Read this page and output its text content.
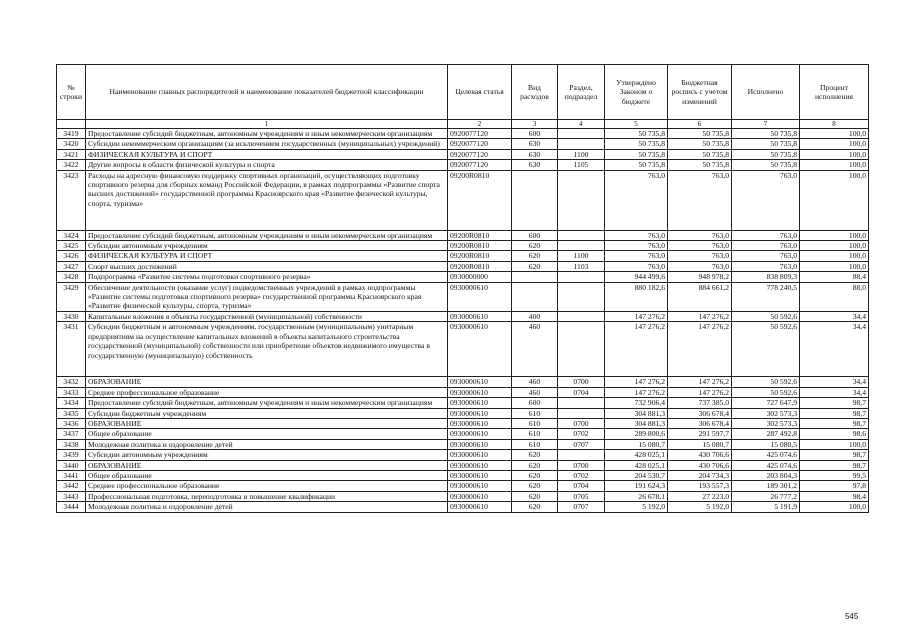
№ строки	Наименование главных распорядителей и наименование показателей бюджетной классификации	Целевая статья	Вид расходов	Раздел, подраздел	Утверждено Законом о бюджете	Бюджетная роспись с учетом изменений	Исполнено	Процент исполнения
	1	2	3	4	5	6	7	8
3419	Предоставление субсидий бюджетным, автономным учреждениям и иным некоммерческим организациям	0920077120	600		50 735,8	50 735,8	50 735,8	100,0
3420	Субсидии некоммерческим организациям (за исключением государственных (муниципальных) учреждений)	0920077120	630		50 735,8	50 735,8	50 735,8	100,0
3421	ФИЗИЧЕСКАЯ КУЛЬТУРА И СПОРТ	0920077120	630	1100	50 735,8	50 735,8	50 735,8	100,0
3422	Другие вопросы в области физической культуры и спорта	0920077120	630	1105	50 735,8	50 735,8	50 735,8	100,0
3423	Расходы на адресную финансовую поддержку спортивных организаций, осуществляющих подготовку спортивного резерва для сборных команд Российской Федерации, в рамках подпрограммы «Развитие спорта высших достижений» государственной программы Красноярского края «Развитие физической культуры, спорта, туризма»	09200R0810			763,0	763,0	763,0	100,0
3424	Предоставление субсидий бюджетным, автономным учреждениям и иным некоммерческим организациям	09200R0810	600		763,0	763,0	763,0	100,0
3425	Субсидии автономным учреждениям	09200R0810	620		763,0	763,0	763,0	100,0
3426	ФИЗИЧЕСКАЯ КУЛЬТУРА И СПОРТ	09200R0810	620	1100	763,0	763,0	763,0	100,0
3427	Спорт высших достижений	09200R0810	620	1103	763,0	763,0	763,0	100,0
3428	Подпрограмма «Развитие системы подготовки спортивного резерва»	0930000000			944 499,6	948 978,2	838 809,3	88,4
3429	Обеспечение деятельности (оказание услуг) подведомственных учреждений в рамках подпрограммы «Развитие системы подготовки спортивного резерва» государственной программы Красноярского края «Развитие физической культуры, спорта, туризма»	0930000610			880 182,6	884 661,2	778 240,5	88,0
3430	Капитальные вложения в объекты государственной (муниципальной) собственности	0930000610	400		147 276,2	147 276,2	50 592,6	34,4
3431	Субсидии бюджетным и автономным учреждениям, государственным (муниципальным) унитарным предприятиям на осуществление капитальных вложений в объекты капитального строительства государственной (муниципальной) собственности или приобретение объектов недвижимого имущества в государственную (муниципальную) собственность	0930000610	460		147 276,2	147 276,2	50 592,6	34,4
3432	ОБРАЗОВАНИЕ	0930000610	460	0700	147 276,2	147 276,2	50 592,6	34,4
3433	Среднее профессиональное образование	0930000610	460	0704	147 276,2	147 276,2	50 592,6	34,4
3434	Предоставление субсидий бюджетным, автономным учреждениям и иным некоммерческим организациям	0930000610	600		732 906,4	737 385,0	727 647,9	98,7
3435	Субсидии бюджетным учреждениям	0930000610	610		304 881,3	306 678,4	302 573,3	98,7
3436	ОБРАЗОВАНИЕ	0930000610	610	0700	304 881,3	306 678,4	302 573,3	98,7
3437	Общее образование	0930000610	610	0702	289 800,6	291 597,7	287 492,8	98,6
3438	Молодежная политика и оздоровление детей	0930000610	610	0707	15 080,7	15 080,7	15 080,5	100,0
3439	Субсидии автономным учреждениям	0930000610	620		428 025,1	430 706,6	425 074,6	98,7
3440	ОБРАЗОВАНИЕ	0930000610	620	0700	428 025,1	430 706,6	425 074,6	98,7
3441	Общее образование	0930000610	620	0702	204 530,7	204 734,3	203 804,3	99,5
3442	Среднее профессиональное образование	0930000610	620	0704	191 624,3	193 557,3	189 301,2	97,8
3443	Профессиональная подготовка, переподготовка и повышение квалификации	0930000610	620	0705	26 678,1	27 223,0	26 777,2	98,4
3444	Молодежная политика и оздоровление детей	0930000610	620	0707	5 192,0	5 192,0	5 191,9	100,0
545
